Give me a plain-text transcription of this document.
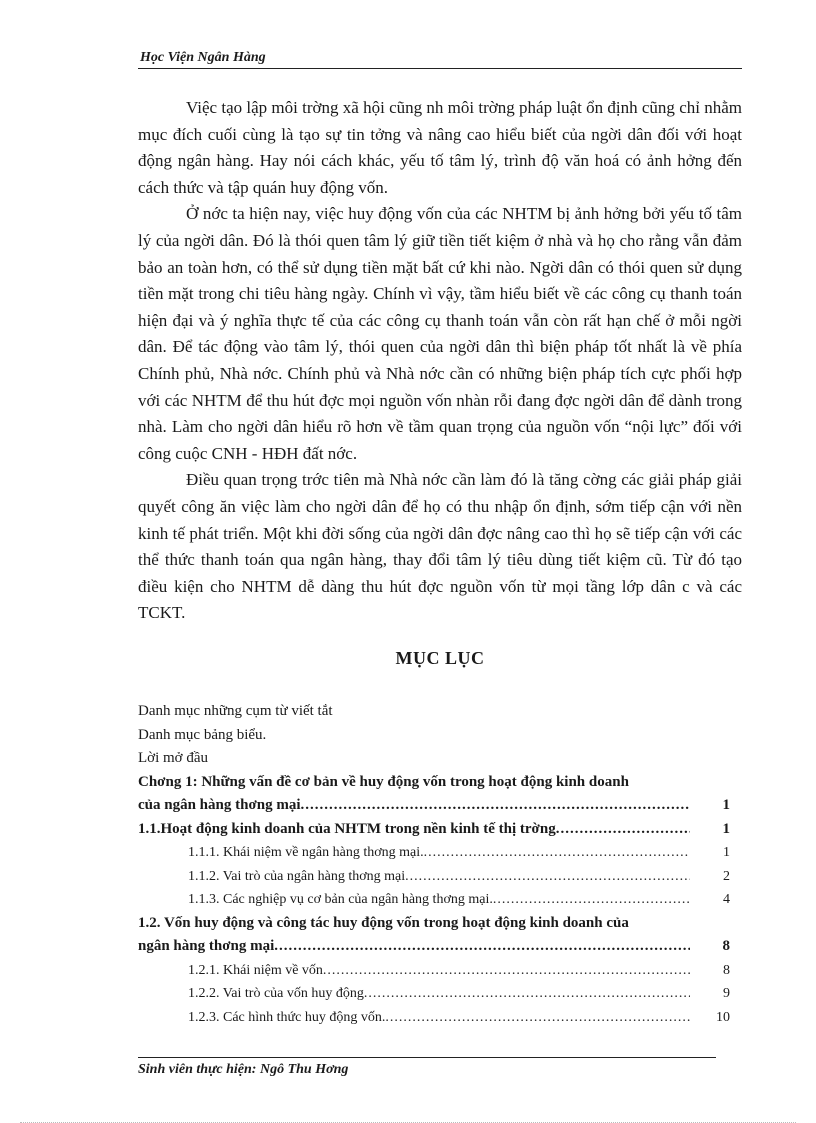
Học Viện Ngân Hàng

Việc tạo lập môi trờng xã hội cũng nh môi trờng pháp luật ổn định cũng chỉ nhằm mục đích cuối cùng là tạo sự tin tởng và nâng cao hiểu biết của ngời dân đối với hoạt động ngân hàng. Hay nói cách khác, yếu tố tâm lý, trình độ văn hoá có ảnh hởng đến cách thức và tập quán huy động vốn.

Ở nớc ta hiện nay, việc huy động vốn của các NHTM bị ảnh hởng bởi yếu tố tâm lý của ngời dân. Đó là thói quen tâm lý giữ tiền tiết kiệm ở nhà và họ cho rằng vẫn đảm bảo an toàn hơn, có thể sử dụng tiền mặt bất cứ khi nào. Ngời dân có thói quen sử dụng tiền mặt trong chi tiêu hàng ngày. Chính vì vậy, tầm hiểu biết về các công cụ thanh toán hiện đại và ý nghĩa thực tế của các công cụ thanh toán vẫn còn rất hạn chế ở mỗi ngời dân. Để tác động vào tâm lý, thói quen của ngời dân thì biện pháp tốt nhất là về phía Chính phủ, Nhà nớc. Chính phủ và Nhà nớc cần có những biện pháp tích cực phối hợp với các NHTM để thu hút đợc mọi nguồn vốn nhàn rỗi đang đợc ngời dân để dành trong nhà. Làm cho ngời dân hiểu rõ hơn về tầm quan trọng của nguồn vốn “nội lực” đối với công cuộc CNH - HĐH đất nớc.

Điều quan trọng trớc tiên mà Nhà nớc cần làm đó là tăng cờng các giải pháp giải quyết công ăn việc làm cho ngời dân để họ có thu nhập ổn định, sớm tiếp cận với nền kinh tế phát triển. Một khi đời sống của ngời dân đợc nâng cao thì họ sẽ tiếp cận với các thể thức thanh toán qua ngân hàng, thay đổi tâm lý tiêu dùng tiết kiệm cũ. Từ đó tạo điều kiện cho NHTM dễ dàng thu hút đợc nguồn vốn từ mọi tầng lớp dân c và các TCKT.

MỤC LỤC
Danh mục những cụm từ viết tắt
Danh mục bảng biểu.
Lời mở đầu
Chơng 1: Những vấn đề cơ bản về huy động vốn trong hoạt động kinh doanh
của ngân hàng thơng mại .....	1
1.1.Hoạt động kinh doanh của NHTM trong nền kinh tế thị trờng .....	1
1.1.1. Khái niệm về ngân hàng thơng mại. .....	1
1.1.2. Vai trò của ngân hàng thơng mại .....	2
1.1.3. Các nghiệp vụ cơ bản của ngân hàng thơng mại. .....	4
1.2. Vốn huy động và công tác huy động vốn trong hoạt động kinh doanh của
ngân hàng thơng mại .....	8
1.2.1. Khái niệm về vốn .....	8
1.2.2. Vai trò của vốn huy động .....	9
1.2.3. Các hình thức huy động vốn. .....	10
Sinh viên thực hiện: Ngô Thu Hơng
